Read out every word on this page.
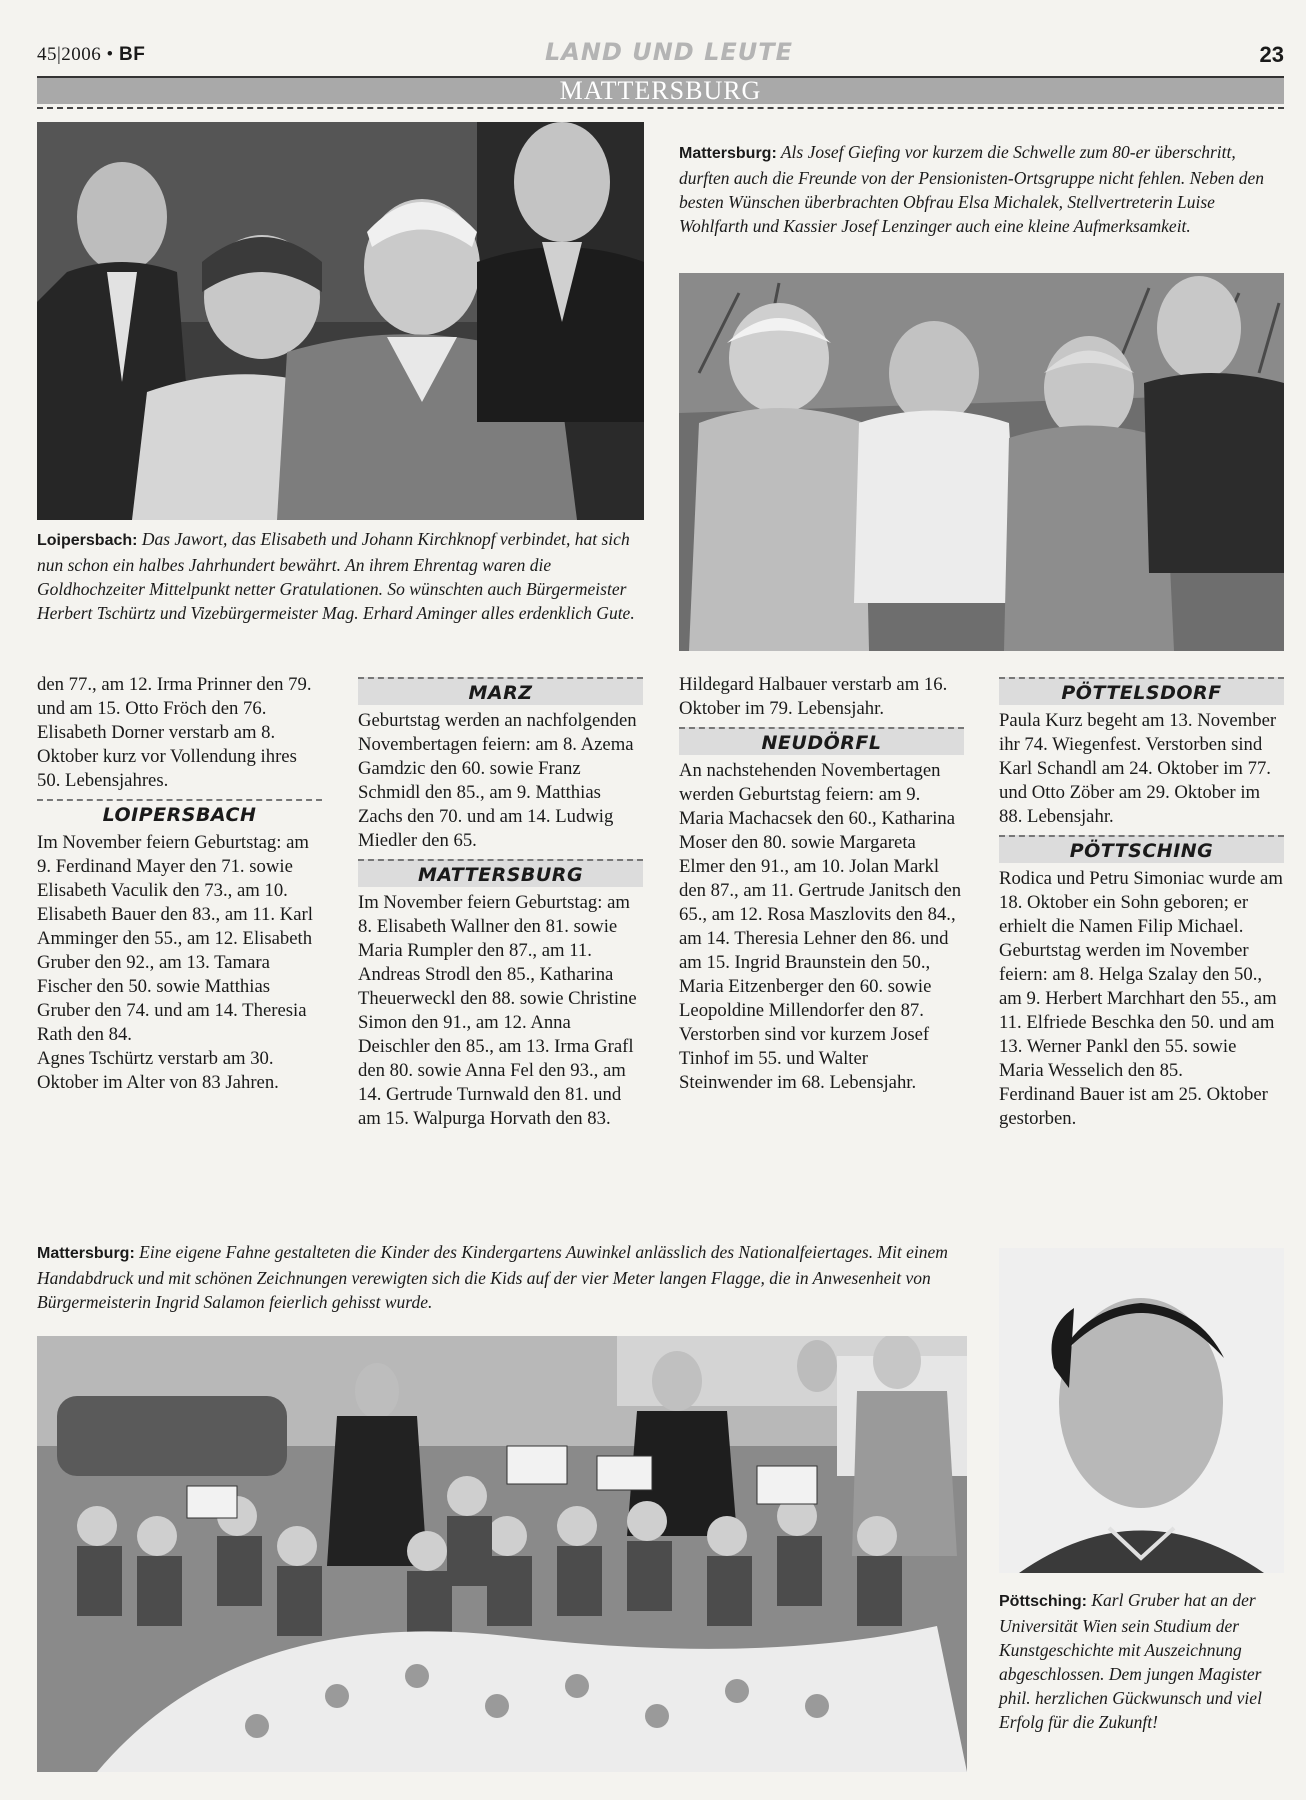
45|2006 • BF	LAND UND LEUTE	23
MATTERSBURG
Loipersbach: Das Jawort, das Elisabeth und Johann Kirchknopf verbindet, hat sich nun schon ein halbes Jahrhundert bewährt. An ihrem Ehrentag waren die Goldhochzeiter Mittelpunkt netter Gratulationen. So wünschten auch Bürgermeister Herbert Tschürtz und Vizebürgermeister Mag. Erhard Aminger alles erdenklich Gute.
Mattersburg: Als Josef Giefing vor kurzem die Schwelle zum 80-er überschritt, durften auch die Freunde von der Pensionisten-Ortsgruppe nicht fehlen. Neben den besten Wünschen überbrachten Obfrau Elsa Michalek, Stellvertreterin Luise Wohlfarth und Kassier Josef Lenzinger auch eine kleine Aufmerksamkeit.

den 77., am 12. Irma Prinner den 79. und am 15. Otto Fröch den 76.

Elisabeth Dorner verstarb am 8. Oktober kurz vor Vollendung ihres 50. Lebensjahres.

LOIPERSBACH

Im November feiern Geburtstag: am 9. Ferdinand Mayer den 71. sowie Elisabeth Vaculik den 73., am 10. Elisabeth Bauer den 83., am 11. Karl Amminger den 55., am 12. Elisabeth Gruber den 92., am 13. Tamara Fischer den 50. sowie Matthias Gruber den 74. und am 14. Theresia Rath den 84.

Agnes Tschürtz verstarb am 30. Oktober im Alter von 83 Jahren.

MARZ

Geburtstag werden an nachfolgenden Novembertagen feiern: am 8. Azema Gamdzic den 60. sowie Franz Schmidl den 85., am 9. Matthias Zachs den 70. und am 14. Ludwig Miedler den 65.

MATTERSBURG

Im November feiern Geburtstag: am 8. Elisabeth Wallner den 81. sowie Maria Rumpler den 87., am 11. Andreas Strodl den 85., Katharina Theuerweckl den 88. sowie Christine Simon den 91., am 12. Anna Deischler den 85., am 13. Irma Grafl den 80. sowie Anna Fel den 93., am 14. Gertrude Turnwald den 81. und am 15. Walpurga Horvath den 83.

Hildegard Halbauer verstarb am 16. Oktober im 79. Lebensjahr.

NEUDÖRFL

An nachstehenden Novembertagen werden Geburtstag feiern: am 9. Maria Machacsek den 60., Katharina Moser den 80. sowie Margareta Elmer den 91., am 10. Jolan Markl den 87., am 11. Gertrude Janitsch den 65., am 12. Rosa Maszlovits den 84., am 14. Theresia Lehner den 86. und am 15. Ingrid Braunstein den 50., Maria Eitzenberger den 60. sowie Leopoldine Millendorfer den 87.

Verstorben sind vor kurzem Josef Tinhof im 55. und Walter Steinwender im 68. Lebensjahr.

PÖTTELSDORF

Paula Kurz begeht am 13. November ihr 74. Wiegenfest. Verstorben sind Karl Schandl am 24. Oktober im 77. und Otto Zöber am 29. Oktober im 88. Lebensjahr.

PÖTTSCHING

Rodica und Petru Simoniac wurde am 18. Oktober ein Sohn geboren; er erhielt die Namen Filip Michael.

Geburtstag werden im November feiern: am 8. Helga Szalay den 50., am 9. Herbert Marchhart den 55., am 11. Elfriede Beschka den 50. und am 13. Werner Pankl den 55. sowie Maria Wesselich den 85.

Ferdinand Bauer ist am 25. Oktober gestorben.

Mattersburg: Eine eigene Fahne gestalteten die Kinder des Kindergartens Auwinkel anlässlich des Nationalfeiertages. Mit einem Handabdruck und mit schönen Zeichnungen verewigten sich die Kids auf der vier Meter langen Flagge, die in Anwesenheit von Bürgermeisterin Ingrid Salamon feierlich gehisst wurde.
Pöttsching: Karl Gruber hat an der Universität Wien sein Studium der Kunstgeschichte mit Auszeichnung abgeschlossen. Dem jungen Magister phil. herzlichen Gückwunsch und viel Erfolg für die Zukunft!
